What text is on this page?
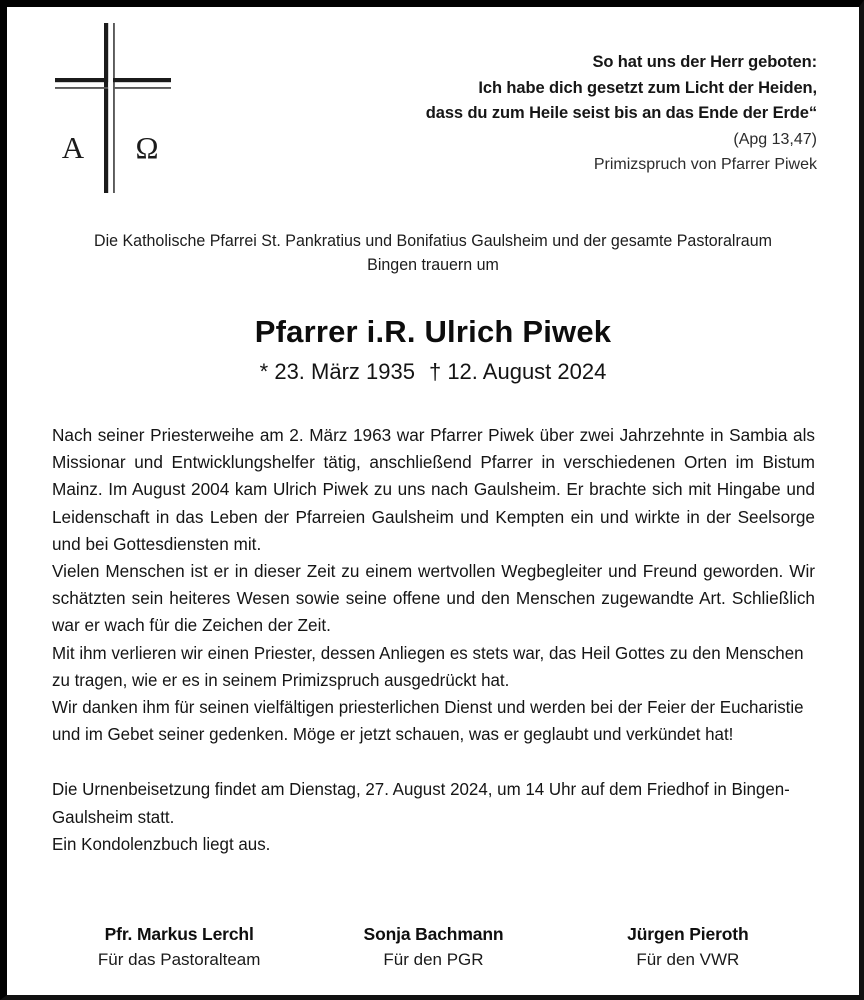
A Ω
So hat uns der Herr geboten:
Ich habe dich gesetzt zum Licht der Heiden,
dass du zum Heile seist bis an das Ende der Erde“
(Apg 13,47)
Primizspruch von Pfarrer Piwek
Die Katholische Pfarrei St. Pankratius und Bonifatius Gaulsheim und der gesamte Pastoralraum Bingen trauern um
Pfarrer i.R. Ulrich Piwek
* 23. März 1935 † 12. August 2024

Nach seiner Priesterweihe am 2. März 1963 war Pfarrer Piwek über zwei Jahrzehnte in Sambia als Missionar und Entwicklungshelfer tätig, anschließend Pfarrer in verschiedenen Orten im Bistum Mainz. Im August 2004 kam Ulrich Piwek zu uns nach Gaulsheim. Er brachte sich mit Hingabe und Leidenschaft in das Leben der Pfarreien Gaulsheim und Kempten ein und wirkte in der Seelsorge und bei Gottesdiensten mit.

Vielen Menschen ist er in dieser Zeit zu einem wertvollen Wegbegleiter und Freund geworden. Wir schätzten sein heiteres Wesen sowie seine offene und den Menschen zugewandte Art. Schließlich war er wach für die Zeichen der Zeit.

Mit ihm verlieren wir einen Priester, dessen Anliegen es stets war, das Heil Gottes zu den Menschen zu tragen, wie er es in seinem Primizspruch ausgedrückt hat.

Wir danken ihm für seinen vielfältigen priesterlichen Dienst und werden bei der Feier der Eucharistie und im Gebet seiner gedenken. Möge er jetzt schauen, was er geglaubt und verkündet hat!

Die Urnenbeisetzung findet am Dienstag, 27. August 2024, um 14 Uhr auf dem Friedhof in Bingen-Gaulsheim statt.

Ein Kondolenzbuch liegt aus.

Pfr. Markus Lerchl
Für das Pastoralteam
Sonja Bachmann
Für den PGR
Jürgen Pieroth
Für den VWR
